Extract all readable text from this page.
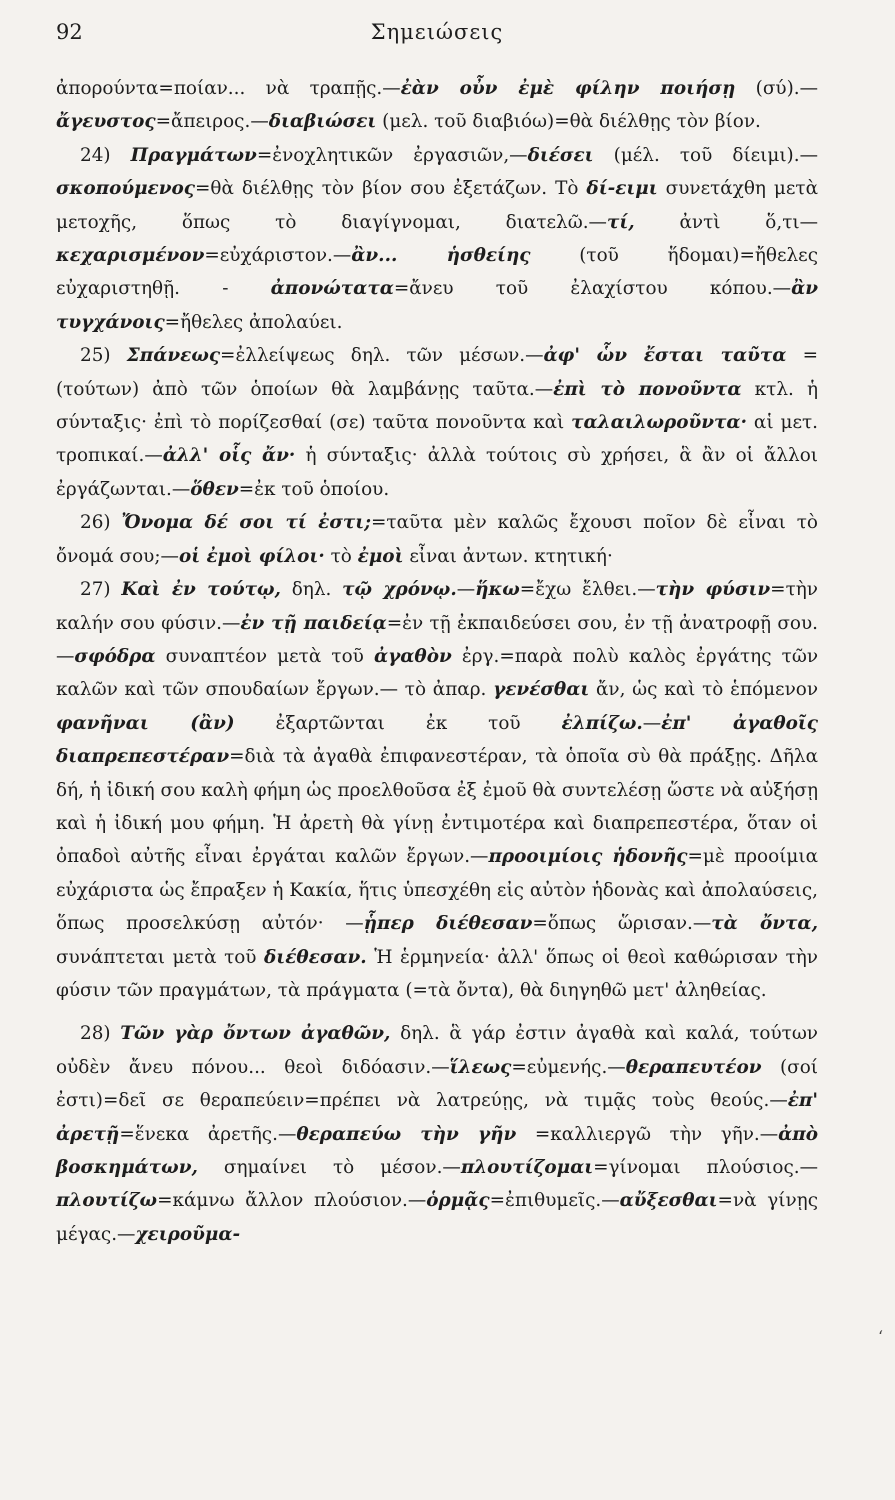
92	Σημειώσεις

ἀπορούντα=ποίαν... νὰ τραπῇς.—ἐὰν οὖν ἐμὲ φίλην ποιήσῃ (σύ).—ἄγευστος=ἄπειρος.—διαβιώσει (μελ. τοῦ διαβιόω)=θὰ διέλθῃς τὸν βίον.

24) Πραγμάτων=ἐνοχλητικῶν ἐργασιῶν,—διέσει (μέλ. τοῦ δίειμι).—σκοπούμενος=θὰ διέλθῃς τὸν βίον σου ἐξετάζων. Τὸ δί-ειμι συνετάχθη μετὰ μετοχῆς, ὅπως τὸ διαγίγνομαι, διατελῶ.—τί, ἀντὶ ὅ,τι—κεχαρισμένον=εὐχάριστον.—ἂν... ἡσθείης (τοῦ ἥδομαι)=ἤθελες εὐχαριστηθῇ. - ἀπονώτατα=ἄνευ τοῦ ἐλαχίστου κόπου.—ἂν τυγχάνοις=ἤθελες ἀπολαύει.

25) Σπάνεως=ἐλλείψεως δηλ. τῶν μέσων.—ἀφ' ὧν ἔσται ταῦτα =(τούτων) ἀπὸ τῶν ὁποίων θὰ λαμβάνῃς ταῦτα.—ἐπὶ τὸ πονοῦντα κτλ. ἡ σύνταξις· ἐπὶ τὸ πορίζεσθαί (σε) ταῦτα πονοῦντα καὶ ταλαιλωροῦντα· αἱ μετ. τροπικαί.—ἀλλ' οἷς ἄν· ἡ σύνταξις· ἀλλὰ τούτοις σὺ χρήσει, ἃ ἂν οἱ ἄλλοι ἐργάζωνται.—ὅθεν=ἐκ τοῦ ὁποίου.

26) Ὄνομα δέ σοι τί ἐστι;=ταῦτα μὲν καλῶς ἔχουσι ποῖον δὲ εἶναι τὸ ὄνομά σου;—οἱ ἐμοὶ φίλοι· τὸ ἐμοὶ εἶναι ἀντων. κτητική·

27) Καὶ ἐν τούτῳ, δηλ. τῷ χρόνῳ.—ἥκω=ἔχω ἔλθει.—τὴν φύσιν=τὴν καλήν σου φύσιν.—ἐν τῇ παιδείᾳ=ἐν τῇ ἐκπαιδεύσει σου, ἐν τῇ ἀνατροφῇ σου.—σφόδρα συναπτέον μετὰ τοῦ ἀγαθὸν ἐργ.=παρὰ πολὺ καλὸς ἐργάτης τῶν καλῶν καὶ τῶν σπουδαίων ἔργων.— τὸ ἀπαρ. γενέσθαι ἄν, ὡς καὶ τὸ ἑπόμενον φανῆναι (ἂν) ἐξαρτῶνται ἐκ τοῦ ἐλπίζω.—ἐπ' ἀγαθοῖς διαπρεπεστέραν=διὰ τὰ ἀγαθὰ ἐπιφανεστέραν, τὰ ὁποῖα σὺ θὰ πράξῃς. Δῆλα δή, ἡ ἰδική σου καλὴ φήμη ὡς προελθοῦσα ἐξ ἐμοῦ θὰ συντελέσῃ ὥστε νὰ αὐξήσῃ καὶ ἡ ἰδική μου φήμη. Ἡ ἀρετὴ θὰ γίνῃ ἐντιμοτέρα καὶ διαπρεπεστέρα, ὅταν οἱ ὀπαδοὶ αὐτῆς εἶναι ἐργάται καλῶν ἔργων.—προοιμίοις ἡδονῆς=μὲ προοίμια εὐχάριστα ὡς ἔπραξεν ἡ Κακία, ἥτις ὑπεσχέθη εἰς αὐτὸν ἡδονὰς καὶ ἀπολαύσεις, ὅπως προσελκύσῃ αὐτόν· —ᾗπερ διέθεσαν=ὅπως ὥρισαν.—τὰ ὄντα, συνάπτεται μετὰ τοῦ διέθεσαν. Ἡ ἑρμηνεία· ἀλλ' ὅπως οἱ θεοὶ καθώρισαν τὴν φύσιν τῶν πραγμάτων, τὰ πράγματα (=τὰ ὄντα), θὰ διηγηθῶ μετ' ἀληθείας.

28) Τῶν γὰρ ὄντων ἀγαθῶν, δηλ. ἃ γάρ ἐστιν ἀγαθὰ καὶ καλά, τούτων οὐδὲν ἄνευ πόνου... θεοὶ διδόασιν.—ἵλεως=εὐμενής.—θεραπευτέον (σοί ἐστι)=δεῖ σε θεραπεύειν=πρέπει νὰ λατρεύῃς, νὰ τιμᾷς τοὺς θεούς.—ἐπ' ἀρετῇ=ἕνεκα ἀρετῆς.—θεραπεύω τὴν γῆν =καλλιεργῶ τὴν γῆν.—ἀπὸ βοσκημάτων, σημαίνει τὸ μέσον.—πλουτίζομαι=γίνομαι πλούσιος.—πλουτίζω=κάμνω ἄλλον πλούσιον.—ὁρμᾷς=ἐπιθυμεῖς.—αὔξεσθαι=νὰ γίνῃς μέγας.—χειροῦμα-

ʻ
